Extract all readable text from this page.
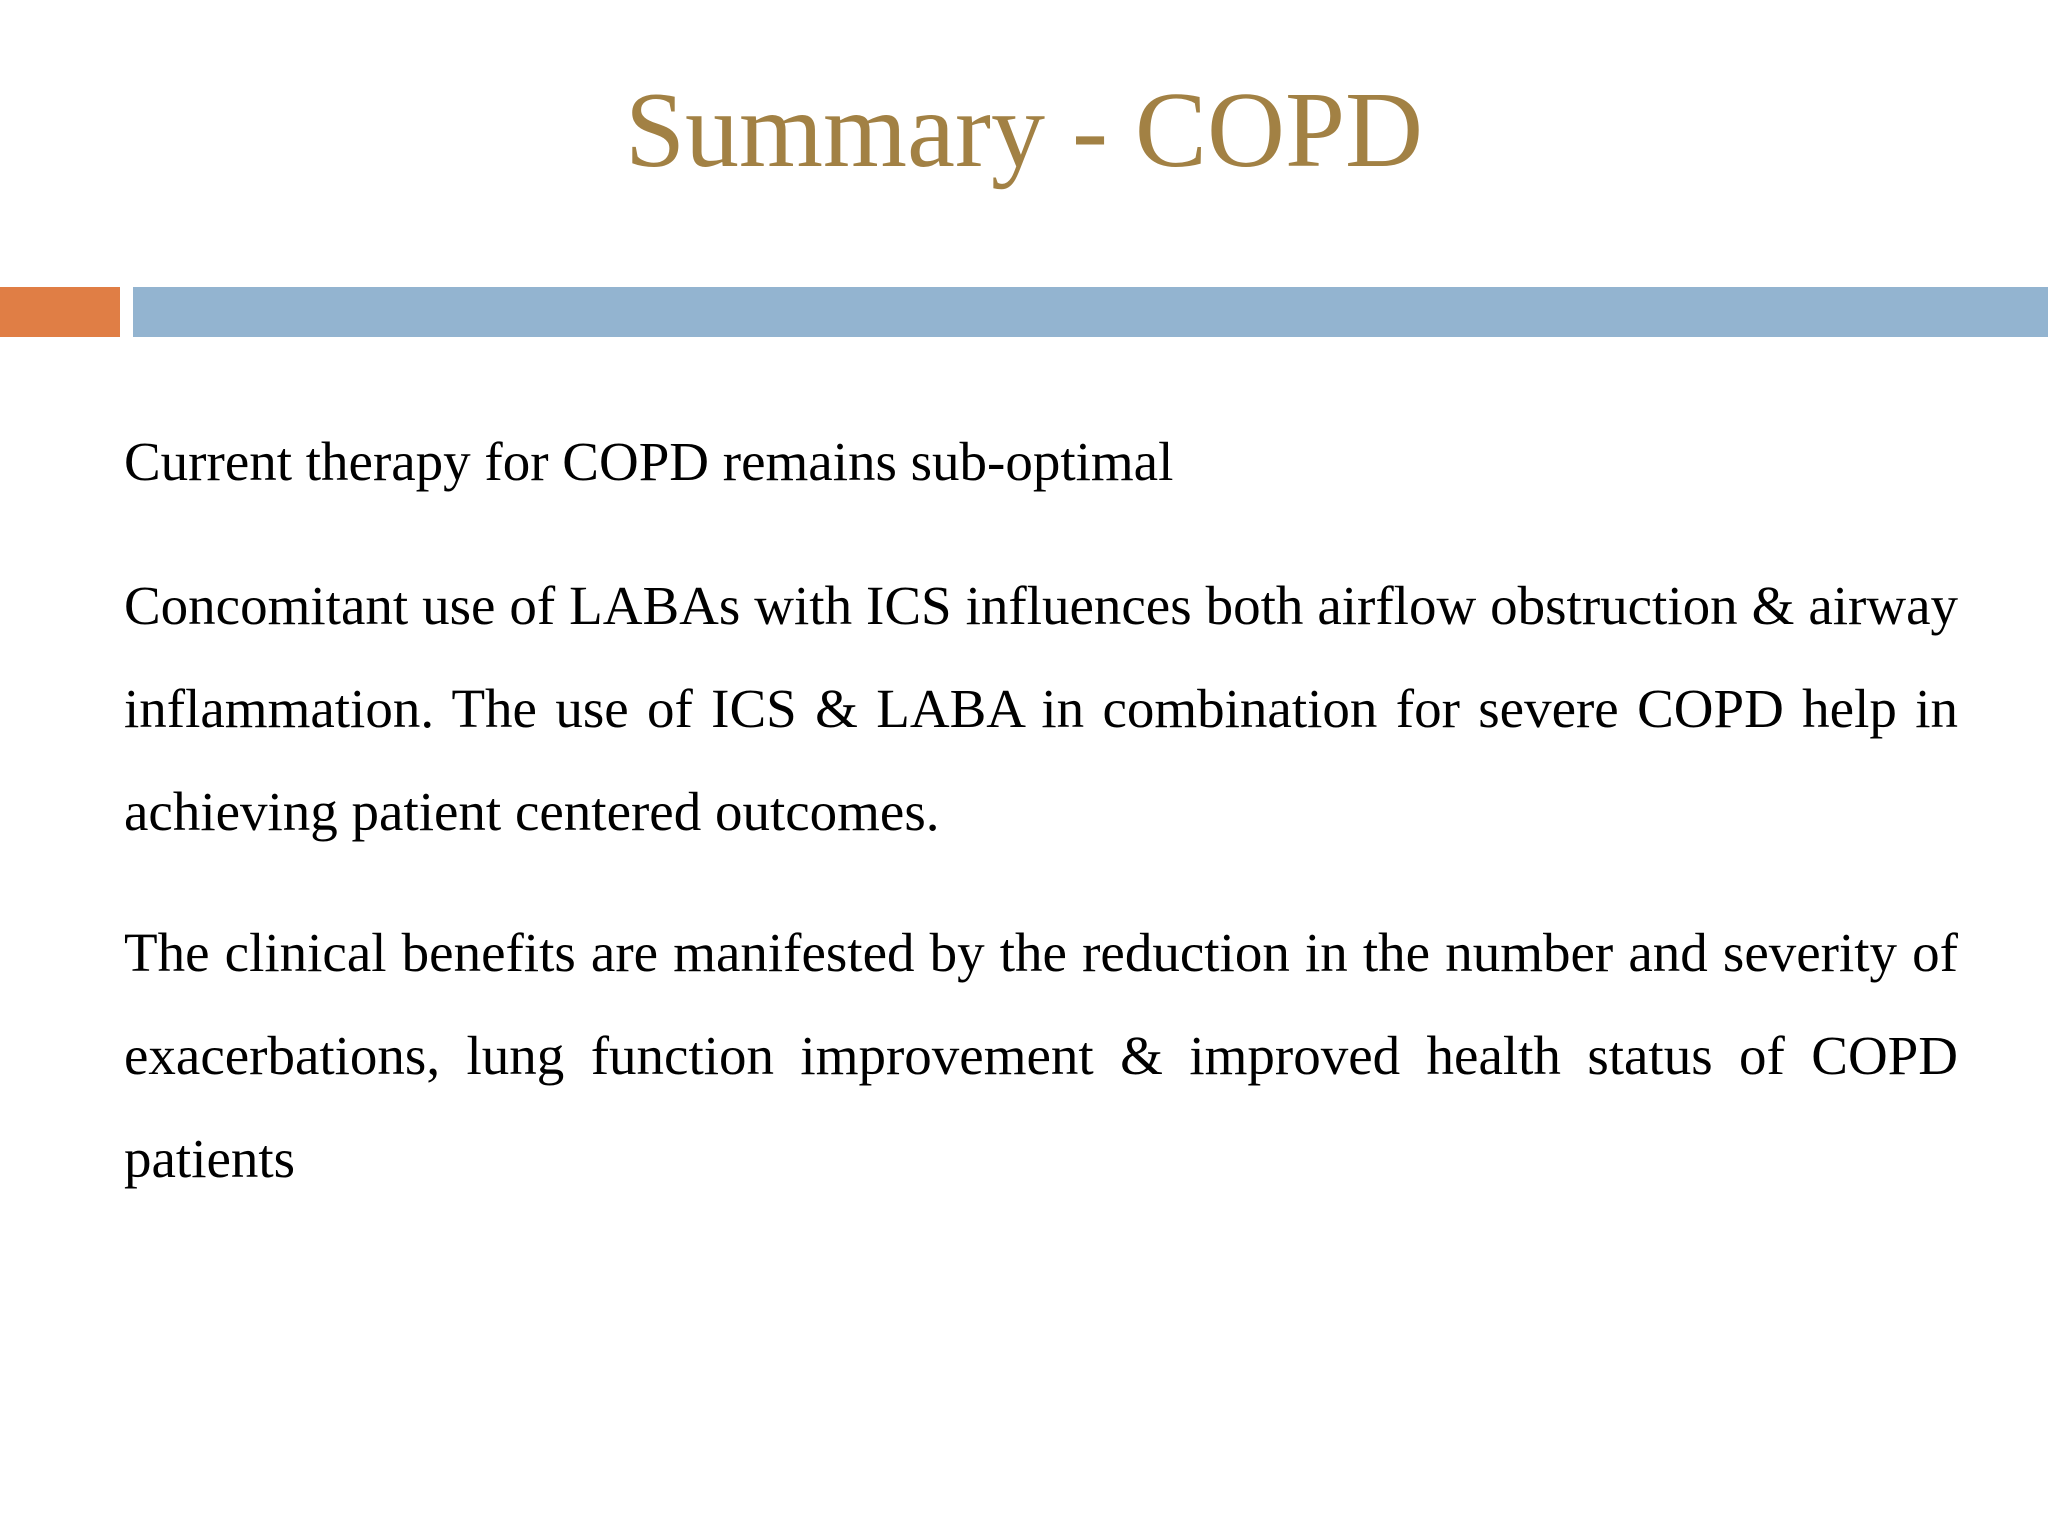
Summary - COPD

Current therapy for COPD remains sub-optimal

Concomitant use of LABAs with ICS influences both airflow obstruction & airway inflammation. The use of ICS & LABA in combination for severe COPD help in achieving patient centered outcomes.

The clinical benefits are manifested by the reduction in the number and severity of exacerbations, lung function improvement & improved health status of COPD patients
